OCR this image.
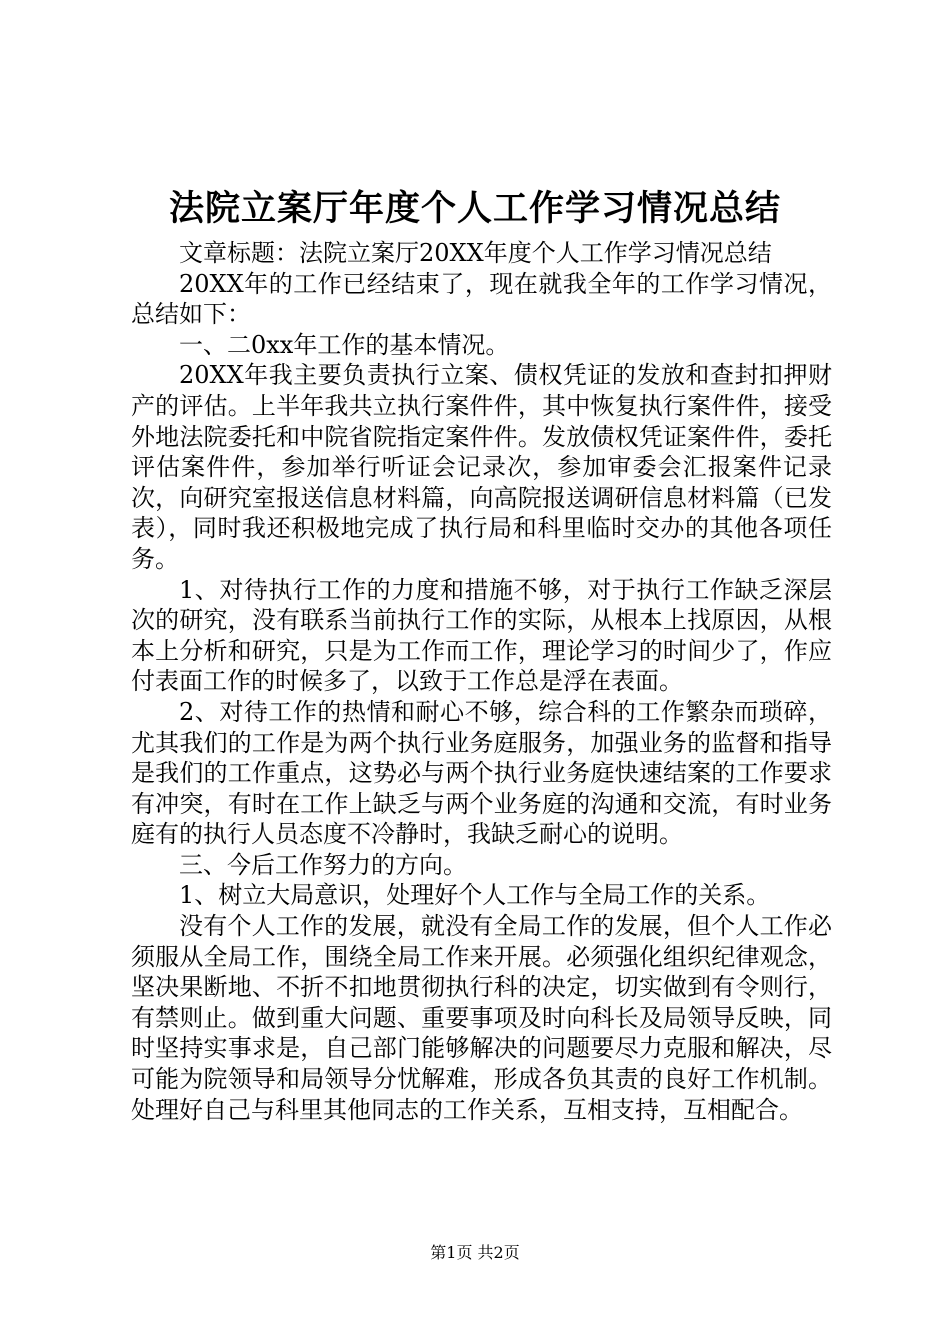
法院立案厅年度个人工作学习情况总结

文章标题：法院立案厅20XX年度个人工作学习情况总结

20XX年的工作已经结束了，现在就我全年的工作学习情况，总结如下：

一、二0xx年工作的基本情况。

20XX年我主要负责执行立案、债权凭证的发放和查封扣押财产的评估。上半年我共立执行案件件，其中恢复执行案件件，接受外地法院委托和中院省院指定案件件。发放债权凭证案件件，委托评估案件件，参加举行听证会记录次，参加审委会汇报案件记录次，向研究室报送信息材料篇，向高院报送调研信息材料篇（已发表），同时我还积极地完成了执行局和科里临时交办的其他各项任务。

1、对待执行工作的力度和措施不够，对于执行工作缺乏深层次的研究，没有联系当前执行工作的实际，从根本上找原因，从根本上分析和研究，只是为工作而工作，理论学习的时间少了，作应付表面工作的时候多了，以致于工作总是浮在表面。

2、对待工作的热情和耐心不够，综合科的工作繁杂而琐碎，尤其我们的工作是为两个执行业务庭服务，加强业务的监督和指导是我们的工作重点，这势必与两个执行业务庭快速结案的工作要求有冲突，有时在工作上缺乏与两个业务庭的沟通和交流，有时业务庭有的执行人员态度不冷静时，我缺乏耐心的说明。

三、今后工作努力的方向。

1、树立大局意识，处理好个人工作与全局工作的关系。

没有个人工作的发展，就没有全局工作的发展，但个人工作必须服从全局工作，围绕全局工作来开展。必须强化组织纪律观念，坚决果断地、不折不扣地贯彻执行科的决定，切实做到有令则行，有禁则止。做到重大问题、重要事项及时向科长及局领导反映，同时坚持实事求是，自己部门能够解决的问题要尽力克服和解决，尽可能为院领导和局领导分忧解难，形成各负其责的良好工作机制。处理好自己与科里其他同志的工作关系，互相支持，互相配合。

第1页 共2页
